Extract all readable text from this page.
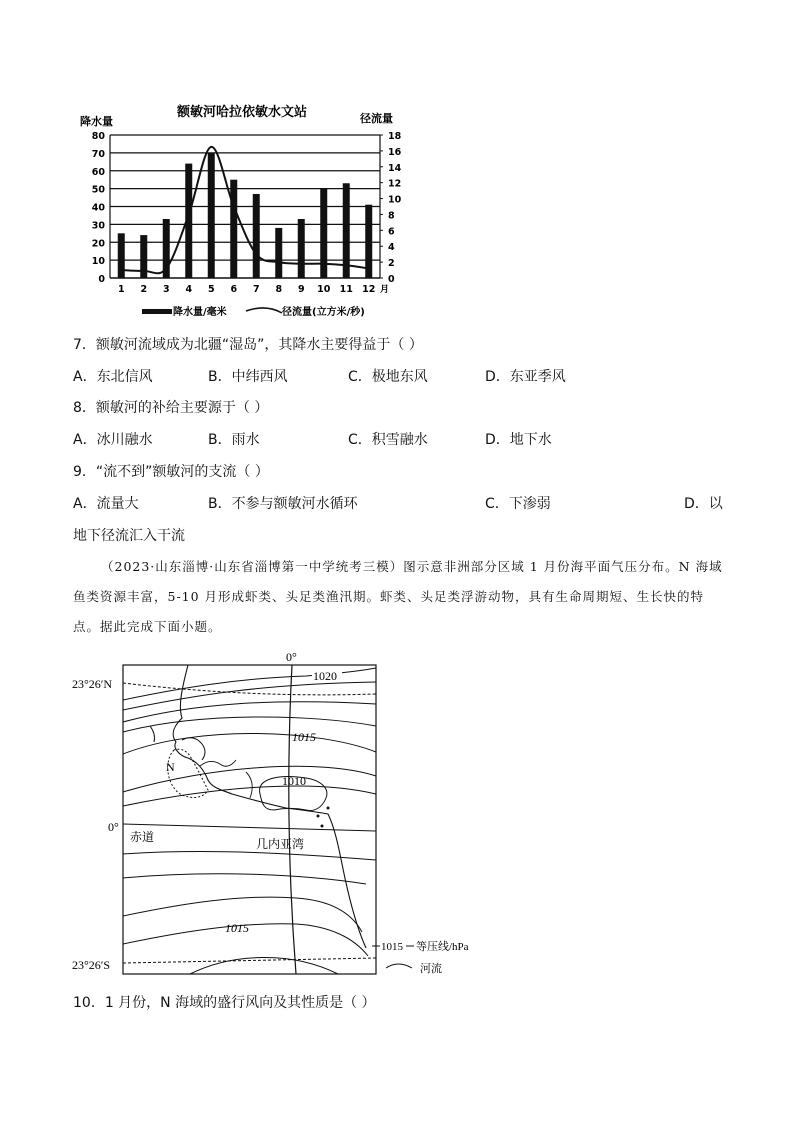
额敏河哈拉依敏水文站
降水量	径流量
0
10
20
30
40
50
60
70
80
0
2
4
6
8
10
12
14
16
18
1 2 3 4 5 6 7 8 9 10 11 12 月
降水量/毫米	径流量(立方米/秒)
7．额敏河流域成为北疆“湿岛”，其降水主要得益于（ ）
A．东北信风	B．中纬西风	C．极地东风	D．东亚季风
8．额敏河的补给主要源于（ ）
A．冰川融水	B．雨水	C．积雪融水	D．地下水
9．“流不到”额敏河的支流（ ）
A．流量大	B．不参与额敏河水循环	C．下渗弱	D．以
地下径流汇入干流
（2023·山东淄博·山东省淄博第一中学统考三模）图示意非洲部分区域 1 月份海平面气压分布。N 海域
鱼类资源丰富，5-10 月形成虾类、头足类渔汛期。虾类、头足类浮游动物，具有生命周期短、生长快的特
点。据此完成下面小题。
23°26′N
0°
赤道
23°26′S
0°
N
1020
1015
1010
1015
几内亚湾
1015 等压线/hPa
河流
10．1 月份，N 海域的盛行风向及其性质是（ ）
